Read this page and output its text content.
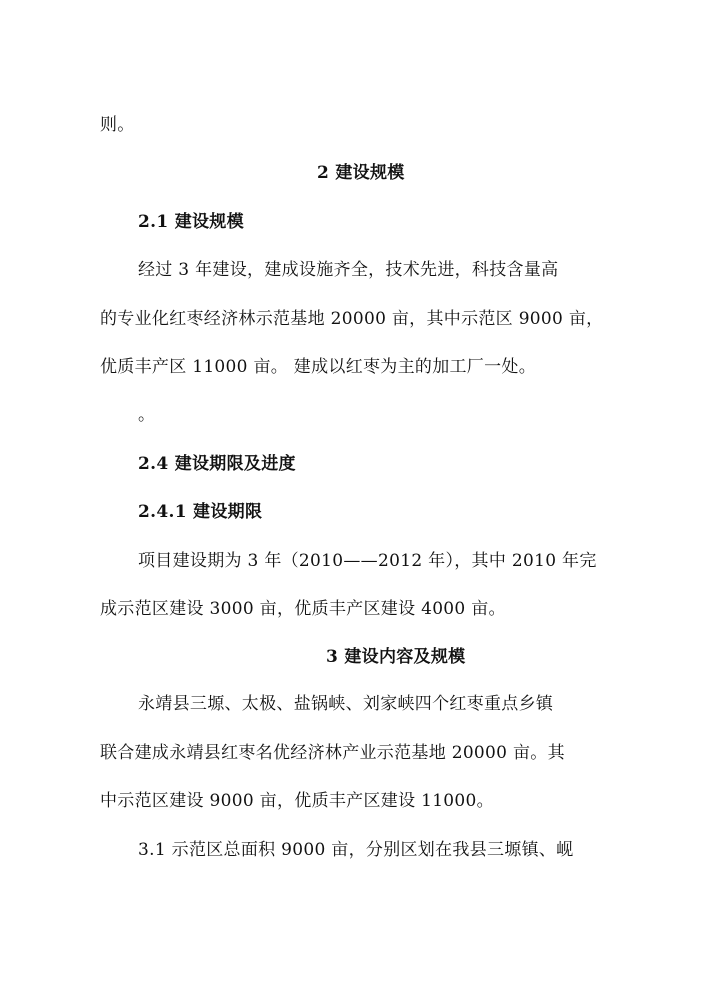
则。
2 建设规模
2.1 建设规模
经过 3 年建设，建成设施齐全，技术先进，科技含量高
的专业化红枣经济林示范基地 20000 亩，其中示范区 9000 亩，
优质丰产区 11000 亩。 建成以红枣为主的加工厂一处。
。
2.4 建设期限及进度
2.4.1 建设期限
项目建设期为 3 年（2010——2012 年），其中 2010 年完
成示范区建设 3000 亩，优质丰产区建设 4000 亩。
3 建设内容及规模
永靖县三塬、太极、盐锅峡、刘家峡四个红枣重点乡镇
联合建成永靖县红枣名优经济林产业示范基地 20000 亩。其
中示范区建设 9000 亩，优质丰产区建设 11000。
3.1 示范区总面积 9000 亩，分别区划在我县三塬镇、岘
